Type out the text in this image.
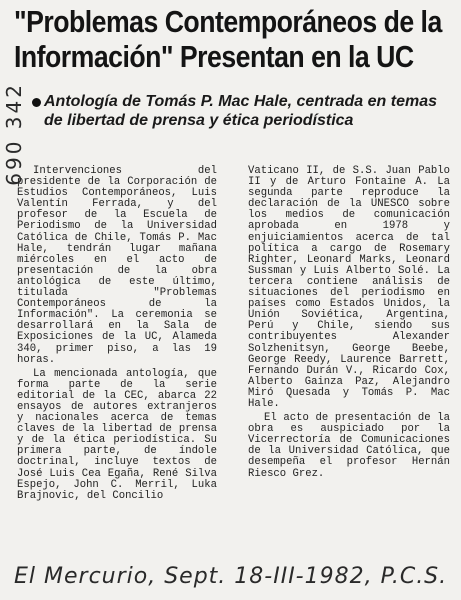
"Problemas Contemporáneos de la Información" Presentan en la UC
690 342 Antología de Tomás P. Mac Hale, centrada en temas de libertad de prensa y ética periodística

Intervenciones del presidente de la Corporación de Estudios Contemporáneos, Luis Valentín Ferrada, y del profesor de la Escuela de Periodismo de la Universidad Católica de Chile, Tomás P. Mac Hale, tendrán lugar mañana miércoles en el acto de presentación de la obra antológica de este último, titulada "Problemas Contemporáneos de la Información". La ceremonia se desarrollará en la Sala de Exposiciones de la UC, Alameda 340, primer piso, a las 19 horas.

La mencionada antología, que forma parte de la serie editorial de la CEC, abarca 22 ensayos de autores extranjeros y nacionales acerca de temas claves de la libertad de prensa y de la ética periodística. Su primera parte, de índole doctrinal, incluye textos de José Luis Cea Egaña, René Silva Espejo, John C. Merril, Luka Brajnovic, del Concilio

Vaticano II, de S.S. Juan Pablo II y de Arturo Fontaine A. La segunda parte reproduce la declaración de la UNESCO sobre los medios de comunicación aprobada en 1978 y enjuiciamientos acerca de tal política a cargo de Rosemary Righter, Leonard Marks, Leonard Sussman y Luis Alberto Solé. La tercera contiene análisis de situaciones del periodismo en países como Estados Unidos, la Unión Soviética, Argentina, Perú y Chile, siendo sus contribuyentes Alexander Solzhenitsyn, George Beebe, George Reedy, Laurence Barrett, Fernando Durán V., Ricardo Cox, Alberto Gainza Paz, Alejandro Miró Quesada y Tomás P. Mac Hale.

El acto de presentación de la obra es auspiciado por la Vicerrectoría de Comunicaciones de la Universidad Católica, que desempeña el profesor Hernán Riesco Grez.

El Mercurio, Sept. 18-III-1982, P.C.S.
